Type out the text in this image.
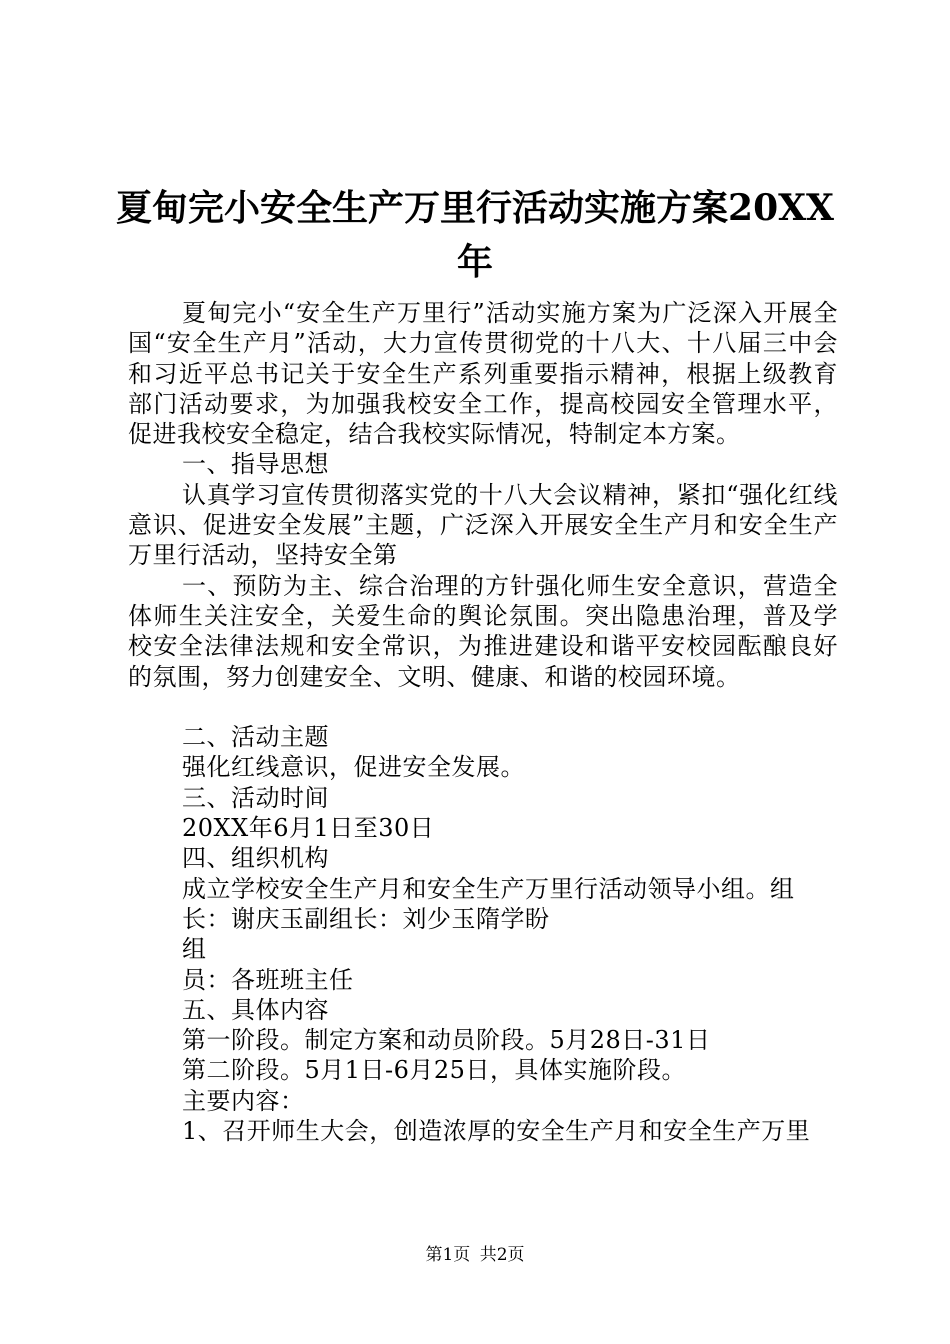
夏甸完小安全生产万里行活动实施方案20XX
年

夏甸完小“安全生产万里行”活动实施方案为广泛深入开展全国“安全生产月”活动，大力宣传贯彻党的十八大、十八届三中会和习近平总书记关于安全生产系列重要指示精神，根据上级教育部门活动要求，为加强我校安全工作，提高校园安全管理水平，促进我校安全稳定，结合我校实际情况，特制定本方案。

一、指导思想

认真学习宣传贯彻落实党的十八大会议精神，紧扣“强化红线意识、促进安全发展”主题，广泛深入开展安全生产月和安全生产万里行活动，坚持安全第

一、预防为主、综合治理的方针强化师生安全意识，营造全体师生关注安全，关爱生命的舆论氛围。突出隐患治理，普及学校安全法律法规和安全常识，为推进建设和谐平安校园酝酿良好的氛围，努力创建安全、文明、健康、和谐的校园环境。

二、活动主题

强化红线意识，促进安全发展。

三、活动时间

20XX年6月1日至30日

四、组织机构

成立学校安全生产月和安全生产万里行活动领导小组。组

长：谢庆玉副组长：刘少玉隋学盼

组

员：各班班主任

五、具体内容

第一阶段。制定方案和动员阶段。5月28日-31日

第二阶段。5月1日-6月25日，具体实施阶段。

主要内容：

1、召开师生大会，创造浓厚的安全生产月和安全生产万里

第1页 共2页
